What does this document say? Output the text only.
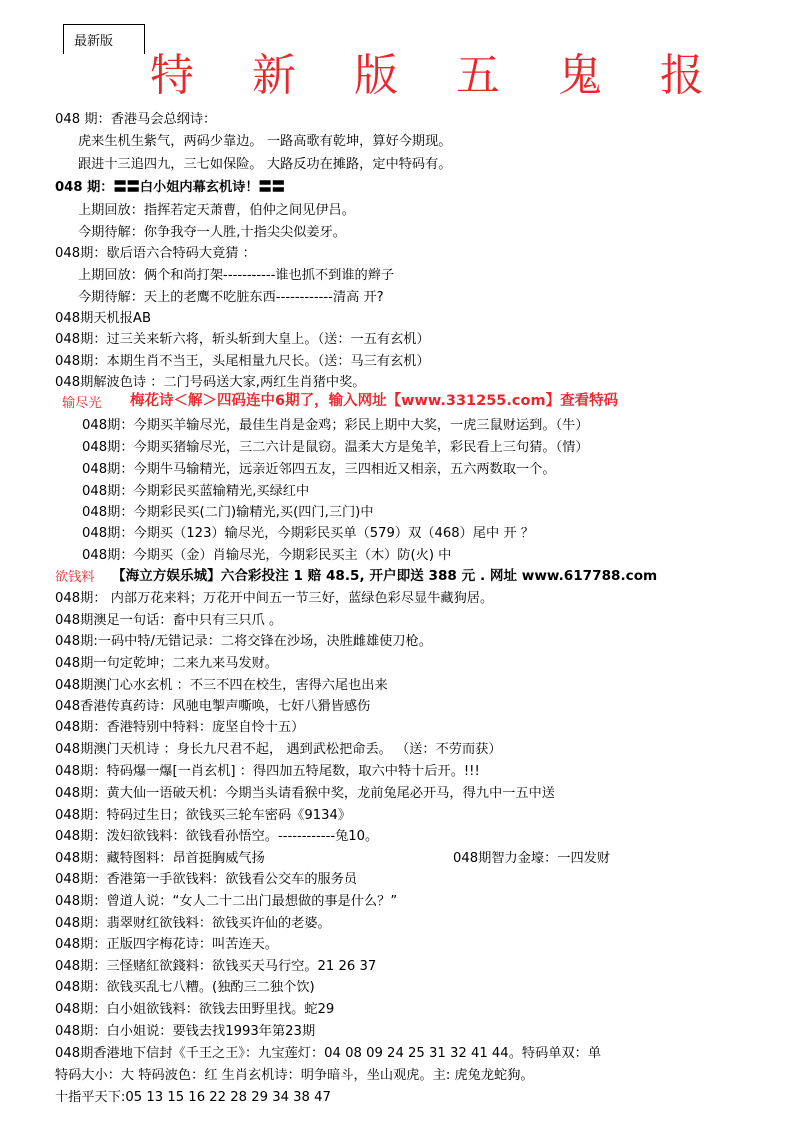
最新版
特 新 版 五 鬼 报
048 期：香港马会总纲诗：
虎来生机生紫气，两码少靠边。 一路高歌有乾坤，算好今期现。
跟进十三追四九，三七如保险。 大路反功在摊路，定中特码有。
048 期：〓〓白小姐内幕玄机诗！〓〓
上期回放：指挥若定天萧曹，伯仲之间见伊吕。
今期待解：你争我夺一人胜,十指尖尖似姜牙。
048期：歇后语六合特码大竟猜 ：
上期回放：俩个和尚打架-----------谁也抓不到谁的辫子
今期待解：天上的老鹰不吃脏东西------------清高 开?
048期天机报AB
048期：过三关来斩六将，斩头斩到大皇上。（送：一五有玄机）
048期：本期生肖不当王，头尾相量九尺长。（送：马三有玄机）
048期解波色诗 ：二门号码送大家,两红生肖猪中奖。
输尽光 梅花诗＜解＞四码连中6期了，输入网址【www.331255.com】查看特码
048期：今期买羊输尽光，最佳生肖是金鸡；彩民上期中大奖，一虎三鼠财运到。（牛）
048期：今期买猪输尽光，三二六计是鼠窃。温柔大方是兔羊，彩民看上三句猜。（情）
048期：今期牛马输精光，远亲近邻四五友，三四相近又相亲，五六两数取一个。
048期：今期彩民买蓝输精光,买绿红中
048期：今期彩民买(二门)输精光,买(四门,三门)中
048期：今期买（123）输尽光，今期彩民买单（579）双（468）尾中 开 ？
048期：今期买（金）肖输尽光，今期彩民买主（木）防(火) 中
欲钱料 【海立方娱乐城】六合彩投注 1 赔 48.5, 开户即送 388 元 . 网址 www.617788.com
048期： 内部万花来料；万花开中间五一节三好，蓝绿色彩尽显牛藏狗居。
048期澳足一句话：畜中只有三只爪 。
048期:一码中特/无错记录：二将交锋在沙场，决胜雌雄使刀枪。
048期一句定乾坤；二来九来马发财。
048期澳门心水玄机 ：不三不四在校生，害得六尾也出来
048香港传真药诗：风驰电掣声嘶唤，七奸八猾皆感伤
048期：香港特别中特料：庞坚自怜十五）
048期澳门天机诗 ：身长九尺君不起， 遇到武松把命丢。 （送：不劳而获）
048期：特码爆一爆[一肖玄机] ：得四加五特尾数，取六中特十后开。!!!
048期：黄大仙一语破天机：今期当头请看猴中奖，龙前兔尾必开马，得九中一五中送
048期：特码过生日；欲钱买三轮车密码《9134》
048期：泼妇欲钱料：欲钱看孙悟空。------------兔10。
048期：藏特图料：昂首挺胸威气扬	048期智力金壕：一四发财
048期：香港第一手欲钱料：欲钱看公交车的服务员
048期：曾道人说：“女人二十二出门最想做的事是什么？”
048期：翡翠财红欲钱料：欲钱买许仙的老婆。
048期：正版四字梅花诗：叫苦连天。
048期：三怪赌紅欲錢料：欲钱买天马行空。21 26 37
048期：欲钱买乱七八糟。(独酌三二独个饮)
048期：白小姐欲钱料：欲钱去田野里找。蛇29
048期：白小姐说：要钱去找1993年第23期
048期香港地下信封《千王之王》：九宝莲灯：04 08 09 24 25 31 32 41 44。特码单双：单
特码大小：大 特码波色：红 生肖玄机诗：明争暗斗，坐山观虎。主: 虎兔龙蛇狗。
十指平天下:05 13 15 16 22 28 29 34 38 47
